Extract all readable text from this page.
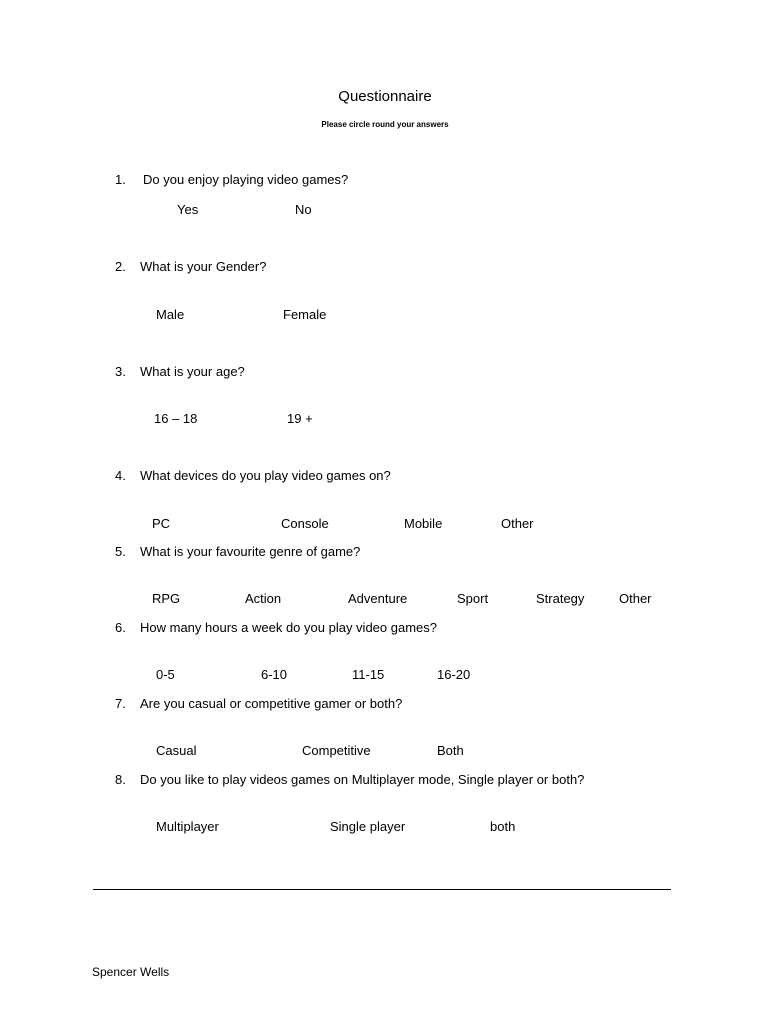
Questionnaire
Please circle round your answers
1. Do you enjoy playing video games?
Yes	No
2. What is your Gender?
Male	Female
3. What is your age?
16 – 18	19 +
4. What devices do you play video games on?
PC	Console	Mobile	Other
5. What is your favourite genre of game?
RPG	Action	Adventure	Sport	Strategy	Other
6. How many hours a week do you play video games?
0-5	6-10	11-15	16-20
7. Are you casual or competitive gamer or both?
Casual	Competitive	Both
8. Do you like to play videos games on Multiplayer mode, Single player or both?
Multiplayer	Single player	both
Spencer Wells
